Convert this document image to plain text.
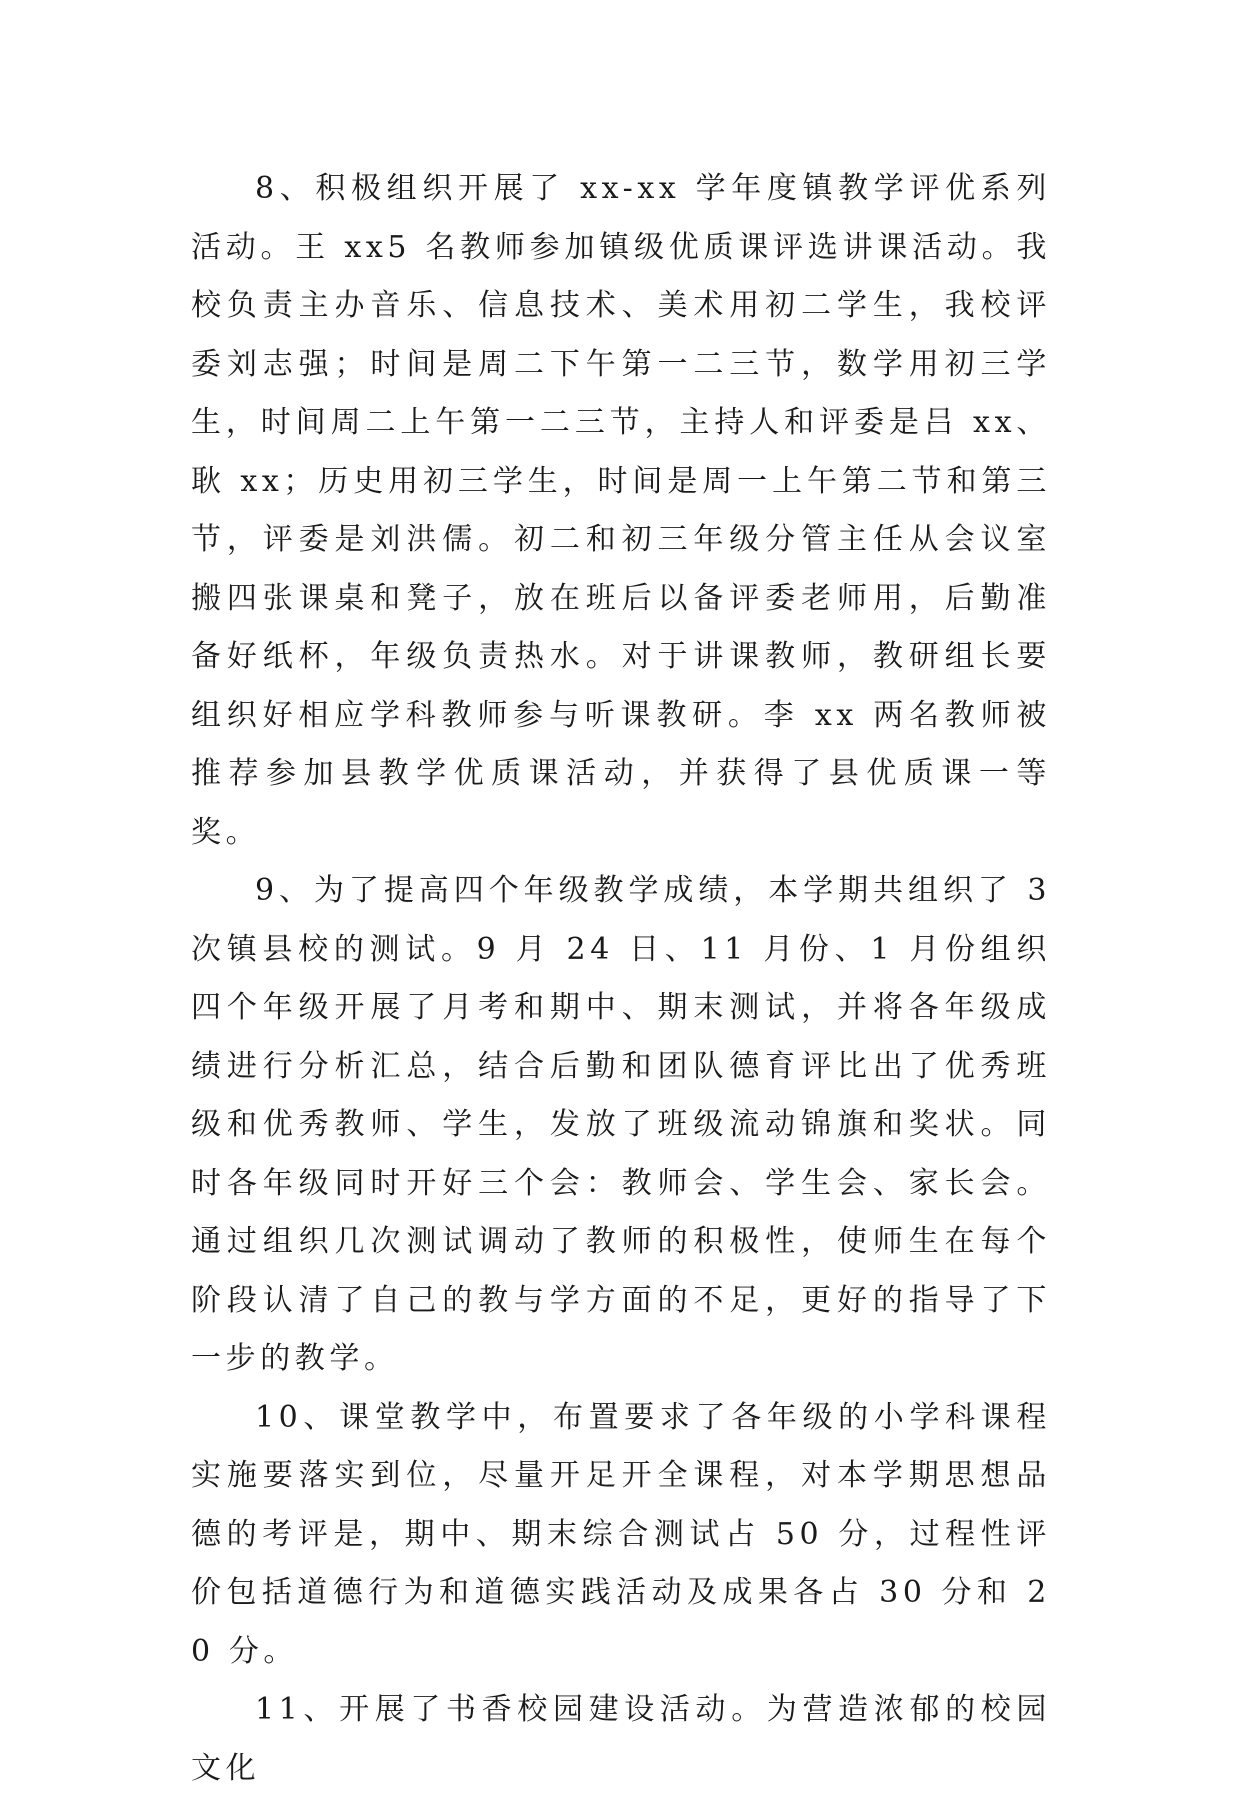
8、积极组织开展了 xx-xx 学年度镇教学评优系列活动。王 xx5 名教师参加镇级优质课评选讲课活动。我校负责主办音乐、信息技术、美术用初二学生，我校评委刘志强；时间是周二下午第一二三节，数学用初三学生，时间周二上午第一二三节，主持人和评委是吕 xx、耿 xx；历史用初三学生，时间是周一上午第二节和第三节，评委是刘洪儒。初二和初三年级分管主任从会议室搬四张课桌和凳子，放在班后以备评委老师用，后勤准备好纸杯，年级负责热水。对于讲课教师，教研组长要组织好相应学科教师参与听课教研。李 xx 两名教师被推荐参加县教学优质课活动，并获得了县优质课一等奖。

9、为了提高四个年级教学成绩，本学期共组织了 3 次镇县校的测试。9 月 24 日、11 月份、1 月份组织四个年级开展了月考和期中、期末测试，并将各年级成绩进行分析汇总，结合后勤和团队德育评比出了优秀班级和优秀教师、学生，发放了班级流动锦旗和奖状。同时各年级同时开好三个会：教师会、学生会、家长会。通过组织几次测试调动了教师的积极性，使师生在每个阶段认清了自己的教与学方面的不足，更好的指导了下一步的教学。

10、课堂教学中，布置要求了各年级的小学科课程实施要落实到位，尽量开足开全课程，对本学期思想品德的考评是，期中、期末综合测试占 50 分，过程性评价包括道德行为和道德实践活动及成果各占 30 分和 20 分。

11、开展了书香校园建设活动。为营造浓郁的校园文化
